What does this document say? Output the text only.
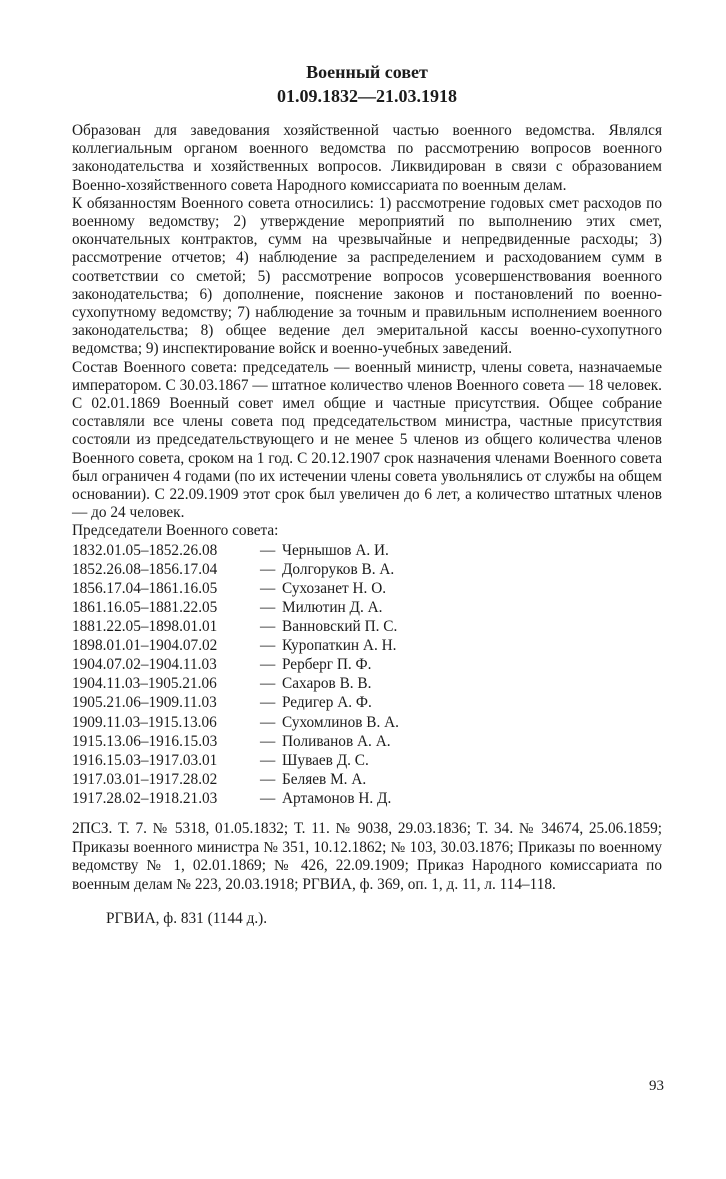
Военный совет
01.09.1832—21.03.1918

Образован для заведования хозяйственной частью военного ведомства. Являлся коллегиальным органом военного ведомства по рассмотрению вопросов военного законодательства и хозяйственных вопросов. Ликвидирован в связи с образованием Военно-хозяйственного совета Народного комиссариата по военным делам.

К обязанностям Военного совета относились: 1) рассмотрение годовых смет расходов по военному ведомству; 2) утверждение мероприятий по выполнению этих смет, окончательных контрактов, сумм на чрезвычайные и непредвиденные расходы; 3) рассмотрение отчетов; 4) наблюдение за распределением и расходованием сумм в соответствии со сметой; 5) рассмотрение вопросов усовершенствования военного законодательства; 6) дополнение, пояснение законов и постановлений по военно-сухопутному ведомству; 7) наблюдение за точным и правильным исполнением военного законодательства; 8) общее ведение дел эмеритальной кассы военно-сухопутного ведомства; 9) инспектирование войск и военно-учебных заведений.

Состав Военного совета: председатель — военный министр, члены совета, назначаемые императором. С 30.03.1867 — штатное количество членов Военного совета — 18 человек. С 02.01.1869 Военный совет имел общие и частные присутствия. Общее собрание составляли все члены совета под председательством министра, частные присутствия состояли из председательствующего и не менее 5 членов из общего количества членов Военного совета, сроком на 1 год. С 20.12.1907 срок назначения членами Военного совета был ограничен 4 годами (по их истечении члены совета увольнялись от службы на общем основании). С 22.09.1909 этот срок был увеличен до 6 лет, а количество штатных членов — до 24 человек.

Председатели Военного совета:

1832.01.05–1852.26.08	— Чернышов А. И.
1852.26.08–1856.17.04	— Долгоруков В. А.
1856.17.04–1861.16.05	— Сухозанет Н. О.
1861.16.05–1881.22.05	— Милютин Д. А.
1881.22.05–1898.01.01	— Ванновский П. С.
1898.01.01–1904.07.02	— Куропаткин А. Н.
1904.07.02–1904.11.03	— Рерберг П. Ф.
1904.11.03–1905.21.06	— Сахаров В. В.
1905.21.06–1909.11.03	— Редигер А. Ф.
1909.11.03–1915.13.06	— Сухомлинов В. А.
1915.13.06–1916.15.03	— Поливанов А. А.
1916.15.03–1917.03.01	— Шуваев Д. С.
1917.03.01–1917.28.02	— Беляев М. А.
1917.28.02–1918.21.03	— Артамонов Н. Д.

2ПСЗ. Т. 7. № 5318, 01.05.1832; Т. 11. № 9038, 29.03.1836; Т. 34. № 34674, 25.06.1859; Приказы военного министра № 351, 10.12.1862; № 103, 30.03.1876; Приказы по военному ведомству № 1, 02.01.1869; № 426, 22.09.1909; Приказ Народного комиссариата по военным делам № 223, 20.03.1918; РГВИА, ф. 369, оп. 1, д. 11, л. 114–118.

РГВИА, ф. 831 (1144 д.).

93
